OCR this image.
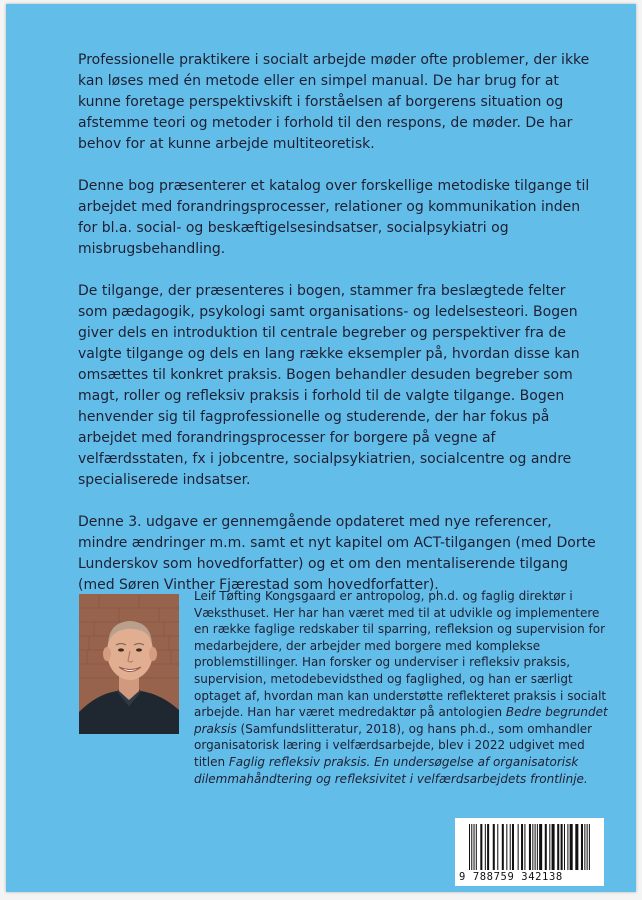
Professionelle praktikere i socialt arbejde møder ofte problemer, der ikke kan løses med én metode eller en simpel manual. De har brug for at kunne foretage perspektivskift i forståelsen af borgerens situation og afstemme teori og metoder i forhold til den respons, de møder. De har behov for at kunne arbejde multiteoretisk.

Denne bog præsenterer et katalog over forskellige metodiske tilgange til arbejdet med forandringsprocesser, relationer og kommunikation inden for bl.a. social- og beskæftigelsesindsatser, socialpsykiatri og misbrugsbehandling.

De tilgange, der præsenteres i bogen, stammer fra beslægtede felter som pædagogik, psykologi samt organisations- og ledelsesteori. Bogen giver dels en introduktion til centrale begreber og perspektiver fra de valgte tilgange og dels en lang række eksempler på, hvordan disse kan omsættes til konkret praksis. Bogen behandler desuden begreber som magt, roller og refleksiv praksis i forhold til de valgte tilgange. Bogen henvender sig til fagprofessionelle og studerende, der har fokus på arbejdet med forandringsprocesser for borgere på vegne af velfærdsstaten, fx i jobcentre, socialpsykiatrien, socialcentre og andre specialiserede indsatser.

Denne 3. udgave er gennemgående opdateret med nye referencer, mindre ændringer m.m. samt et nyt kapitel om ACT-tilgangen (med Dorte Lunderskov som hovedforfatter) og et om den mentaliserende tilgang (med Søren Vinther Fjærestad som hovedforfatter).

Leif Tøfting Kongsgaard er antropolog, ph.d. og faglig direktør i Væksthuset. Her har han været med til at udvikle og implementere en række faglige redskaber til sparring, refleksion og supervision for medarbejdere, der arbejder med borgere med komplekse problemstillinger. Han forsker og underviser i refleksiv praksis, supervision, metodebevidsthed og faglighed, og han er særligt optaget af, hvordan man kan understøtte reflekteret praksis i socialt arbejde. Han har været medredaktør på antologien Bedre begrundet praksis (Samfundslitteratur, 2018), og hans ph.d., som omhandler organisatorisk læring i velfærdsarbejde, blev i 2022 udgivet med titlen Faglig refleksiv praksis. En undersøgelse af organisatorisk dilemmahåndtering og refleksivitet i velfærdsarbejdets frontlinje.

9 788759 342138
